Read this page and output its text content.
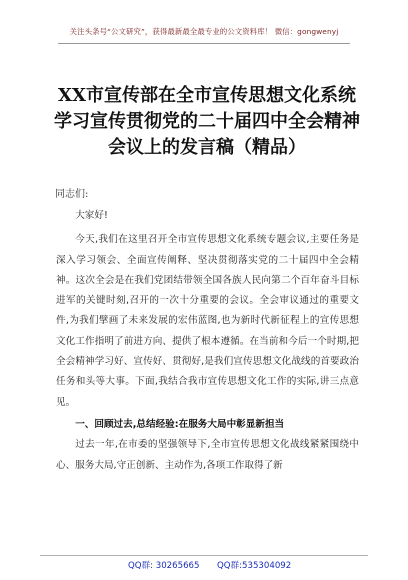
关注头条号“公文研究”，获得最新最全最专业的公文资料库！ 微信：gongwenyj
XX市宣传部在全市宣传思想文化系统学习宣传贯彻党的二十届四中全会精神会议上的发言稿（精品）
同志们:

大家好!

今天,我们在这里召开全市宣传思想文化系统专题会议,主要任务是深入学习领会、全面宣传阐释、坚决贯彻落实党的二十届四中全会精神。这次全会是在我们党团结带领全国各族人民向第二个百年奋斗目标进军的关键时刻,召开的一次十分重要的会议。全会审议通过的重要文件,为我们擘画了未来发展的宏伟蓝图,也为新时代新征程上的宣传思想文化工作指明了前进方向、提供了根本遵循。在当前和今后一个时期,把全会精神学习好、宣传好、贯彻好,是我们宣传思想文化战线的首要政治任务和头等大事。下面,我结合我市宣传思想文化工作的实际,讲三点意见。

一、回顾过去,总结经验:在服务大局中彰显新担当

过去一年,在市委的坚强领导下,全市宣传思想文化战线紧紧围绕中心、服务大局,守正创新、主动作为,各项工作取得了新

QQ群: 30265665 QQ群:535304092
